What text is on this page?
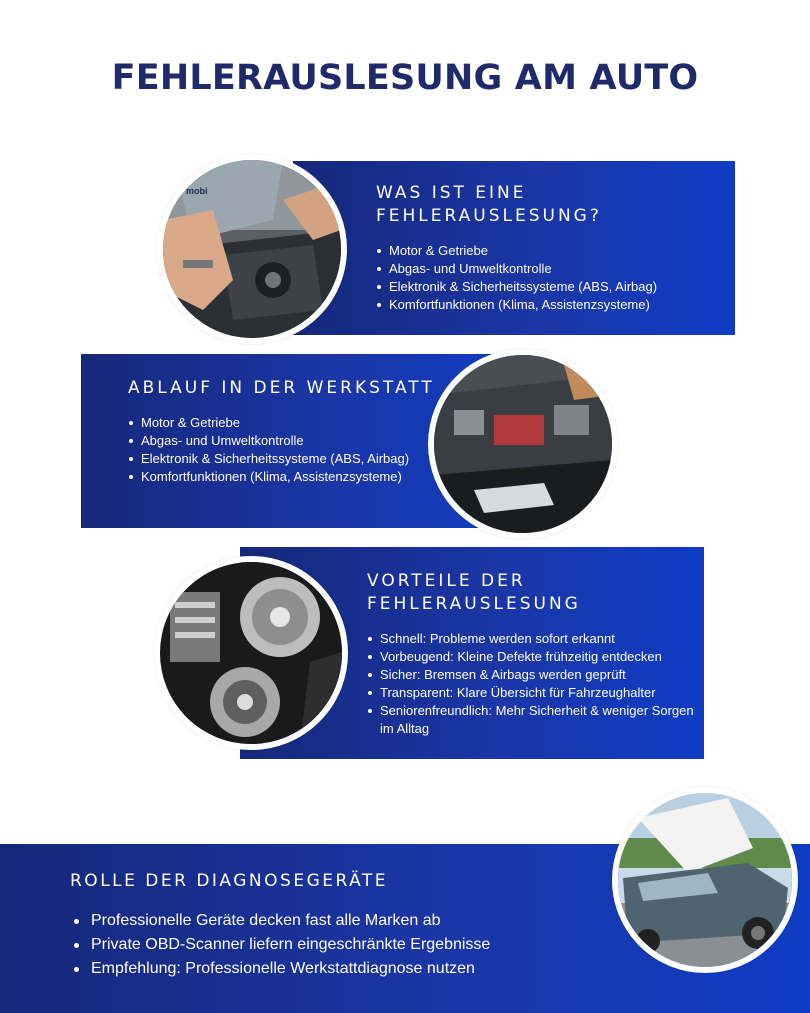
FEHLERAUSLESUNG AM AUTO
WAS IST EINE FEHLERAUSLESUNG?
Motor & Getriebe
Abgas- und Umweltkontrolle
Elektronik & Sicherheitssysteme (ABS, Airbag)
Komfortfunktionen (Klima, Assistenzsysteme)
mobi
ABLAUF IN DER WERKSTATT
Motor & Getriebe
Abgas- und Umweltkontrolle
Elektronik & Sicherheitssysteme (ABS, Airbag)
Komfortfunktionen (Klima, Assistenzsysteme)
VORTEILE DER FEHLERAUSLESUNG
Schnell: Probleme werden sofort erkannt
Vorbeugend: Kleine Defekte frühzeitig entdecken
Sicher: Bremsen & Airbags werden geprüft
Transparent: Klare Übersicht für Fahrzeughalter
Seniorenfreundlich: Mehr Sicherheit & weniger Sorgen im Alltag
ROLLE DER DIAGNOSEGERÄTE
Professionelle Geräte decken fast alle Marken ab
Private OBD-Scanner liefern eingeschränkte Ergebnisse
Empfehlung: Professionelle Werkstattdiagnose nutzen
